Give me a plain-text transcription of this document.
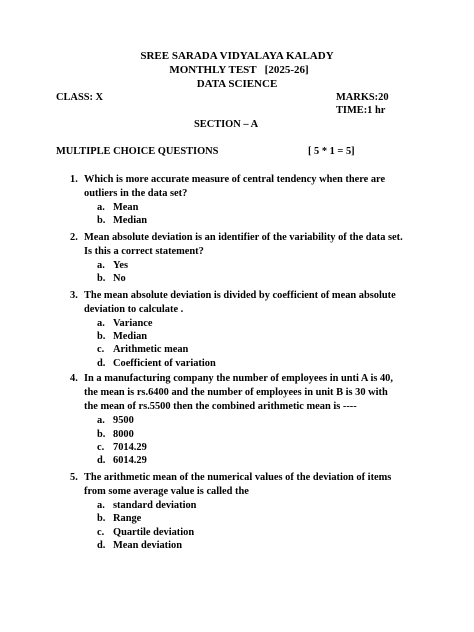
SREE SARADA VIDYALAYA KALADY
MONTHLY TEST   [2025-26]
DATA SCIENCE
CLASS: X	MARKS:20
TIME:1 hr
SECTION – A
MULTIPLE CHOICE QUESTIONS	[ 5 * 1 = 5]
1. Which is more accurate measure of central tendency when there are outliers in the data set?
a. Mean
b. Median
2. Mean absolute deviation is an identifier of the variability of the data set. Is this a correct statement?
a. Yes
b. No
3. The mean absolute deviation is divided by coefficient of mean absolute deviation to calculate .
a. Variance
b. Median
c. Arithmetic mean
d. Coefficient of variation
4. In a manufacturing company the number of employees in unti A is 40, the mean is rs.6400 and the number of employees in unit B is 30 with the mean of rs.5500 then the combined arithmetic mean is ----
a. 9500
b. 8000
c. 7014.29
d. 6014.29
5. The arithmetic mean of the numerical values of the deviation of items from some average value is called the
a. standard deviation
b. Range
c. Quartile deviation
d. Mean deviation
